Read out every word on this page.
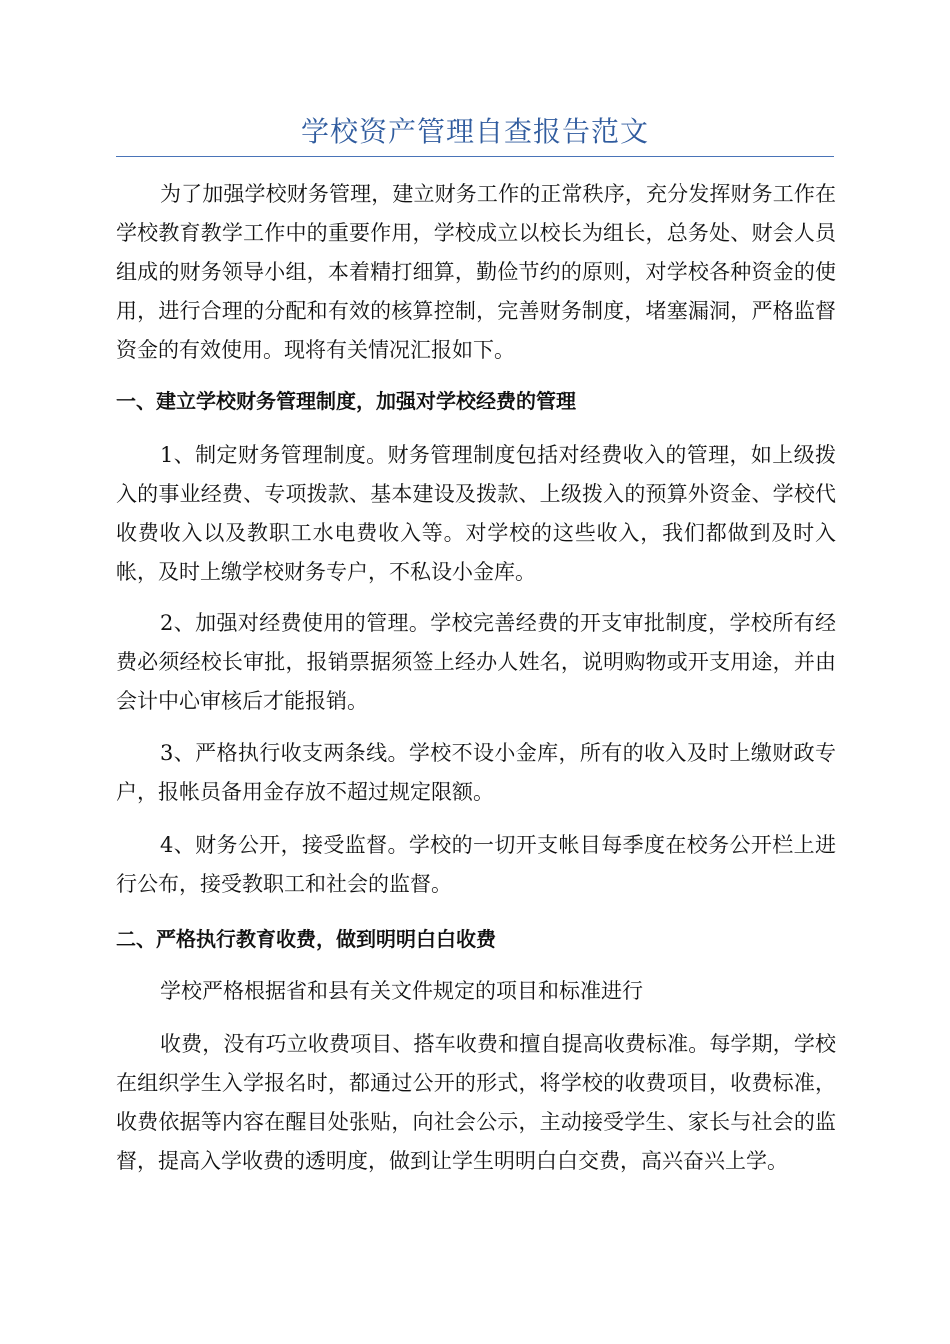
学校资产管理自查报告范文

为了加强学校财务管理，建立财务工作的正常秩序，充分发挥财务工作在学校教育教学工作中的重要作用，学校成立以校长为组长，总务处、财会人员组成的财务领导小组，本着精打细算，勤俭节约的原则，对学校各种资金的使用，进行合理的分配和有效的核算控制，完善财务制度，堵塞漏洞，严格监督资金的有效使用。现将有关情况汇报如下。

一、建立学校财务管理制度，加强对学校经费的管理

1、制定财务管理制度。财务管理制度包括对经费收入的管理，如上级拨入的事业经费、专项拨款、基本建设及拨款、上级拨入的预算外资金、学校代收费收入以及教职工水电费收入等。对学校的这些收入，我们都做到及时入帐，及时上缴学校财务专户，不私设小金库。

2、加强对经费使用的管理。学校完善经费的开支审批制度，学校所有经费必须经校长审批，报销票据须签上经办人姓名，说明购物或开支用途，并由会计中心审核后才能报销。

3、严格执行收支两条线。学校不设小金库，所有的收入及时上缴财政专户，报帐员备用金存放不超过规定限额。

4、财务公开，接受监督。学校的一切开支帐目每季度在校务公开栏上进行公布，接受教职工和社会的监督。

二、严格执行教育收费，做到明明白白收费

学校严格根据省和县有关文件规定的项目和标准进行

收费，没有巧立收费项目、搭车收费和擅自提高收费标准。每学期，学校在组织学生入学报名时，都通过公开的形式，将学校的收费项目，收费标准，收费依据等内容在醒目处张贴，向社会公示，主动接受学生、家长与社会的监督，提高入学收费的透明度，做到让学生明明白白交费，高兴奋兴上学。
